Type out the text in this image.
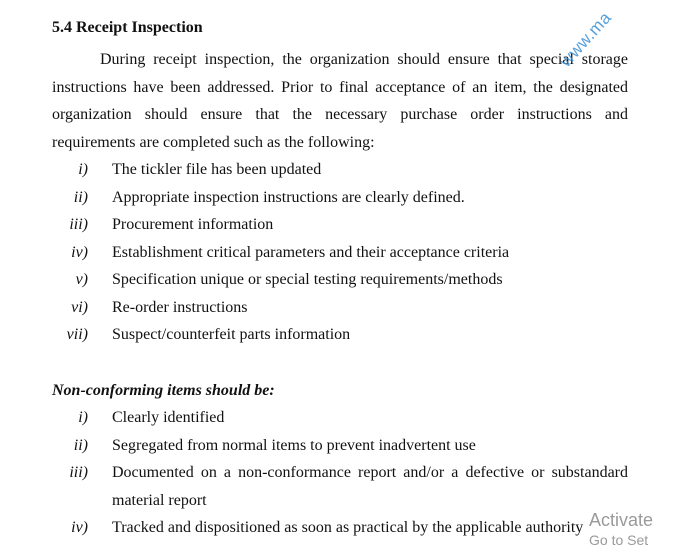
5.4 Receipt Inspection

During receipt inspection, the organization should ensure that special storage instructions have been addressed. Prior to final acceptance of an item, the designated organization should ensure that the necessary purchase order instructions and requirements are completed such as the following:

i) The tickler file has been updated
ii) Appropriate inspection instructions are clearly defined.
iii) Procurement information
iv) Establishment critical parameters and their acceptance criteria
v) Specification unique or special testing requirements/methods
vi) Re-order instructions
vii) Suspect/counterfeit parts information
Non-conforming items should be:
i) Clearly identified
ii) Segregated from normal items to prevent inadvertent use
iii) Documented on a non-conformance report and/or a defective or substandard material report
iv) Tracked and dispositioned as soon as practical by the applicable authority
www.ma
Activate
Go to Set
